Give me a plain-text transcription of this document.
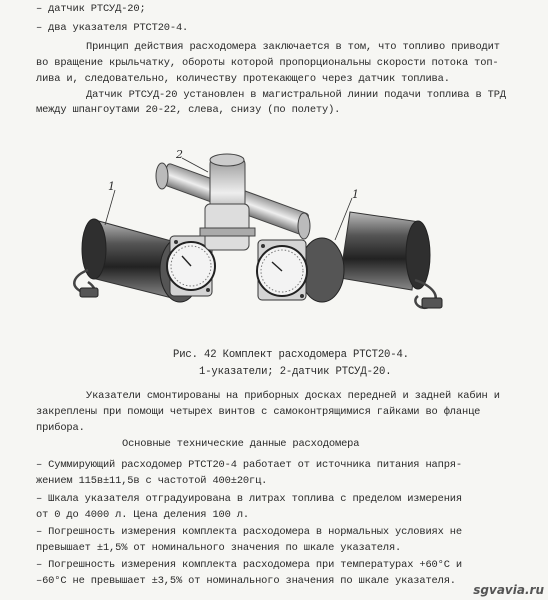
– датчик РТСУД-20;
– два указателя РТСТ20-4.
Принцип действия расходомера заключается в том, что топливо приводит
во вращение крыльчатку, обороты которой пропорциональны скорости потока топ-
лива и, следовательно, количеству протекающего через датчик топлива.
Датчик РТСУД-20 установлен в магистральной линии подачи топлива в ТРД
между шпангоутами 20-22, слева, снизу (по полету).
1
2
1
Рис. 42 Комплект расходомера РТСТ20-4.
1-указатели; 2-датчик РТСУД-20.
Указатели смонтированы на приборных досках передней и задней кабин и
закреплены при помощи четырех винтов с самоконтрящимися гайками во фланце
прибора.
Основные технические данные расходомера
– Суммирующий расходомер РТСТ20-4 работает от источника питания напря-
жением 115в±11,5в с частотой 400±20гц.
– Шкала указателя отградуирована в литрах топлива с пределом измерения
от 0 до 4000 л. Цена деления 100 л.
– Погрешность измерения комплекта расходомера в нормальных условиях не
превышает ±1,5% от номинального значения по шкале указателя.
– Погрешность измерения комплекта расходомера при температурах +60°С и
–60°С не превышает ±3,5% от номинального значения по шкале указателя.
sgvavia.ru
